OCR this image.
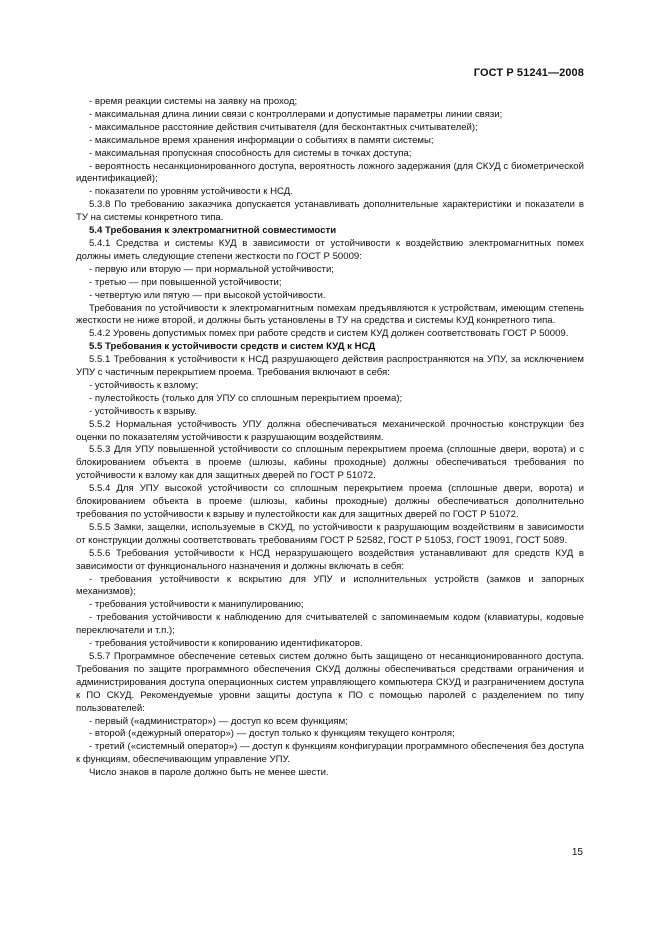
ГОСТ Р 51241—2008

- время реакции системы на заявку на проход;

- максимальная длина линии связи с контроллерами и допустимые параметры линии связи;

- максимальное расстояние действия считывателя (для бесконтактных считывателей);

- максимальное время хранения информации о событиях в памяти системы;

- максимальная пропускная способность для системы в точках доступа;

- вероятность несанкционированного доступа, вероятность ложного задержания (для СКУД с биометрической идентификацией);

- показатели по уровням устойчивости к НСД.

5.3.8 По требованию заказчика допускается устанавливать дополнительные характеристики и показатели в ТУ на системы конкретного типа.

5.4 Требования к электромагнитной совместимости

5.4.1 Средства и системы КУД в зависимости от устойчивости к воздействию электромагнитных помех должны иметь следующие степени жесткости по ГОСТ Р 50009:

- первую или вторую — при нормальной устойчивости;

- третью — при повышенной устойчивости;

- четвертую или пятую — при высокой устойчивости.

Требования по устойчивости к электромагнитным помехам предъявляются к устройствам, имеющим степень жесткости не ниже второй, и должны быть установлены в ТУ на средства и системы КУД конкретного типа.

5.4.2 Уровень допустимых помех при работе средств и систем КУД должен соответствовать ГОСТ Р 50009.

5.5 Требования к устойчивости средств и систем КУД к НСД

5.5.1 Требования к устойчивости к НСД разрушающего действия распространяются на УПУ, за исключением УПУ с частичным перекрытием проема. Требования включают в себя:

- устойчивость к взлому;

- пулестойкость (только для УПУ со сплошным перекрытием проема);

- устойчивость к взрыву.

5.5.2 Нормальная устойчивость УПУ должна обеспечиваться механической прочностью конструкции без оценки по показателям устойчивости к разрушающим воздействиям.

5.5.3 Для УПУ повышенной устойчивости со сплошным перекрытием проема (сплошные двери, ворота) и с блокированием объекта в проеме (шлюзы, кабины проходные) должны обеспечиваться требования по устойчивости к взлому как для защитных дверей по ГОСТ Р 51072.

5.5.4 Для УПУ высокой устойчивости со сплошным перекрытием проема (сплошные двери, ворота) и блокированием объекта в проеме (шлюзы, кабины проходные) должны обеспечиваться дополнительно требования по устойчивости к взрыву и пулестойкости как для защитных дверей по ГОСТ Р 51072.

5.5.5 Замки, защелки, используемые в СКУД, по устойчивости к разрушающим воздействиям в зависимости от конструкции должны соответствовать требованиям ГОСТ Р 52582, ГОСТ Р 51053, ГОСТ 19091, ГОСТ 5089.

5.5.6 Требования устойчивости к НСД неразрушающего воздействия устанавливают для средств КУД в зависимости от функционального назначения и должны включать в себя:

- требования устойчивости к вскрытию для УПУ и исполнительных устройств (замков и запорных механизмов);

- требования устойчивости к манипулированию;

- требования устойчивости к наблюдению для считывателей с запоминаемым кодом (клавиатуры, кодовые переключатели и т.п.);

- требования устойчивости к копированию идентификаторов.

5.5.7 Программное обеспечение сетевых систем должно быть защищено от несанкционированного доступа. Требования по защите программного обеспечения СКУД должны обеспечиваться средствами ограничения и администрирования доступа операционных систем управляющего компьютера СКУД и разграничением доступа к ПО СКУД. Рекомендуемые уровни защиты доступа к ПО с помощью паролей с разделением по типу пользователей:

- первый («администратор») — доступ ко всем функциям;

- второй («дежурный оператор») — доступ только к функциям текущего контроля;

- третий («системный оператор») — доступ к функциям конфигурации программного обеспечения без доступа к функциям, обеспечивающим управление УПУ.

Число знаков в пароле должно быть не менее шести.

15
